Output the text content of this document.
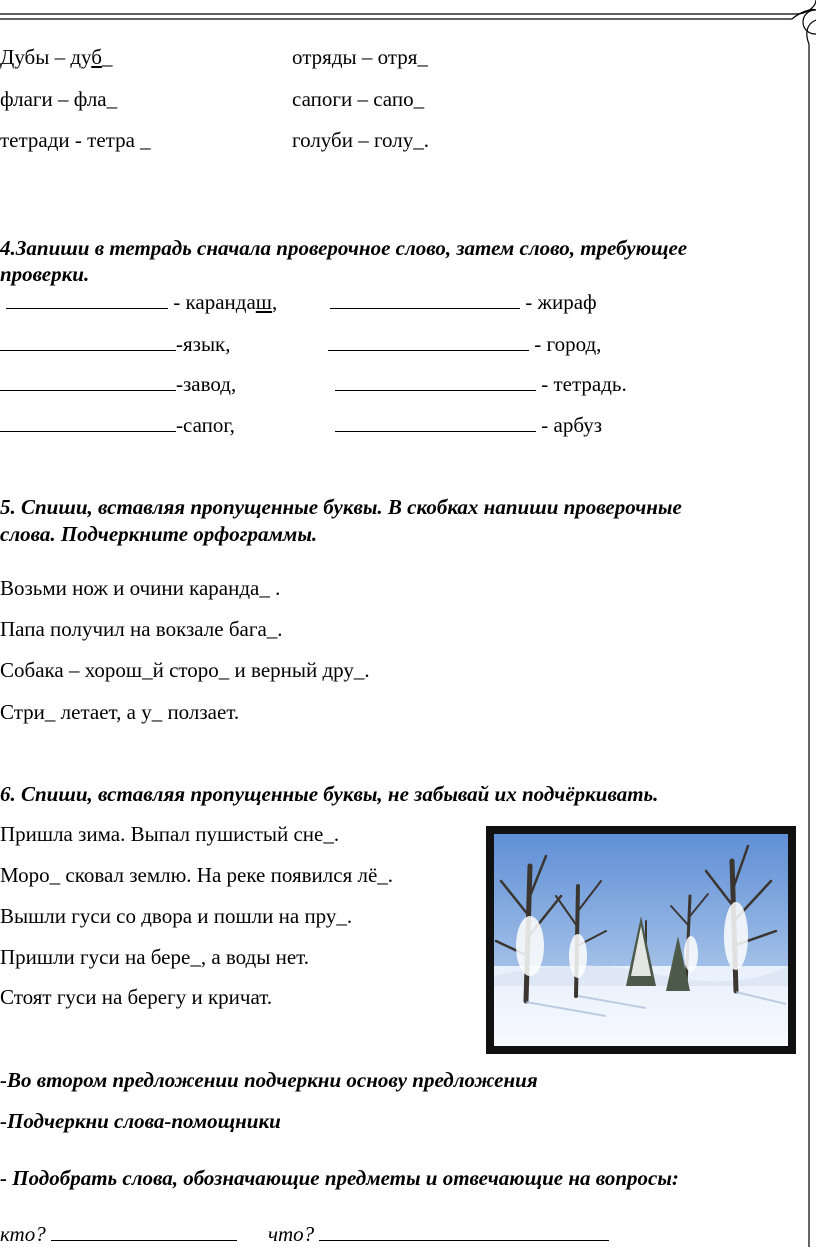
Дубы – дуб_	отряды – отря_
флаги – фла_	сапоги – сапо_
тетради - тетра _	голуби – голу_.
4.Запиши в тетрадь сначала проверочное слово, затем слово, требующее
проверки.
- карандаш,	- жираф
-язык,	- город,
-завод,	- тетрадь.
-сапог,	- арбуз
5. Спиши, вставляя пропущенные буквы. В скобках напиши проверочные
слова. Подчеркните орфограммы.
Возьми нож и очини каранда_ .
Папа получил на вокзале бага_.
Собака – хорош_й сторо_ и верный дру_.
Стри_ летает, а у_ ползает.
6. Спиши, вставляя пропущенные буквы, не забывай их подчёркивать.
Пришла зима. Выпал пушистый сне_.
Моро_ сковал землю. На реке появился лё_.
Вышли гуси со двора и пошли на пру_.
Пришли гуси на бере_, а воды нет.
Стоят гуси на берегу и кричат.
-Во втором предложении подчеркни основу предложения
-Подчеркни слова-помощники
- Подобрать слова, обозначающие предметы и отвечающие на вопросы:
кто?	что?
